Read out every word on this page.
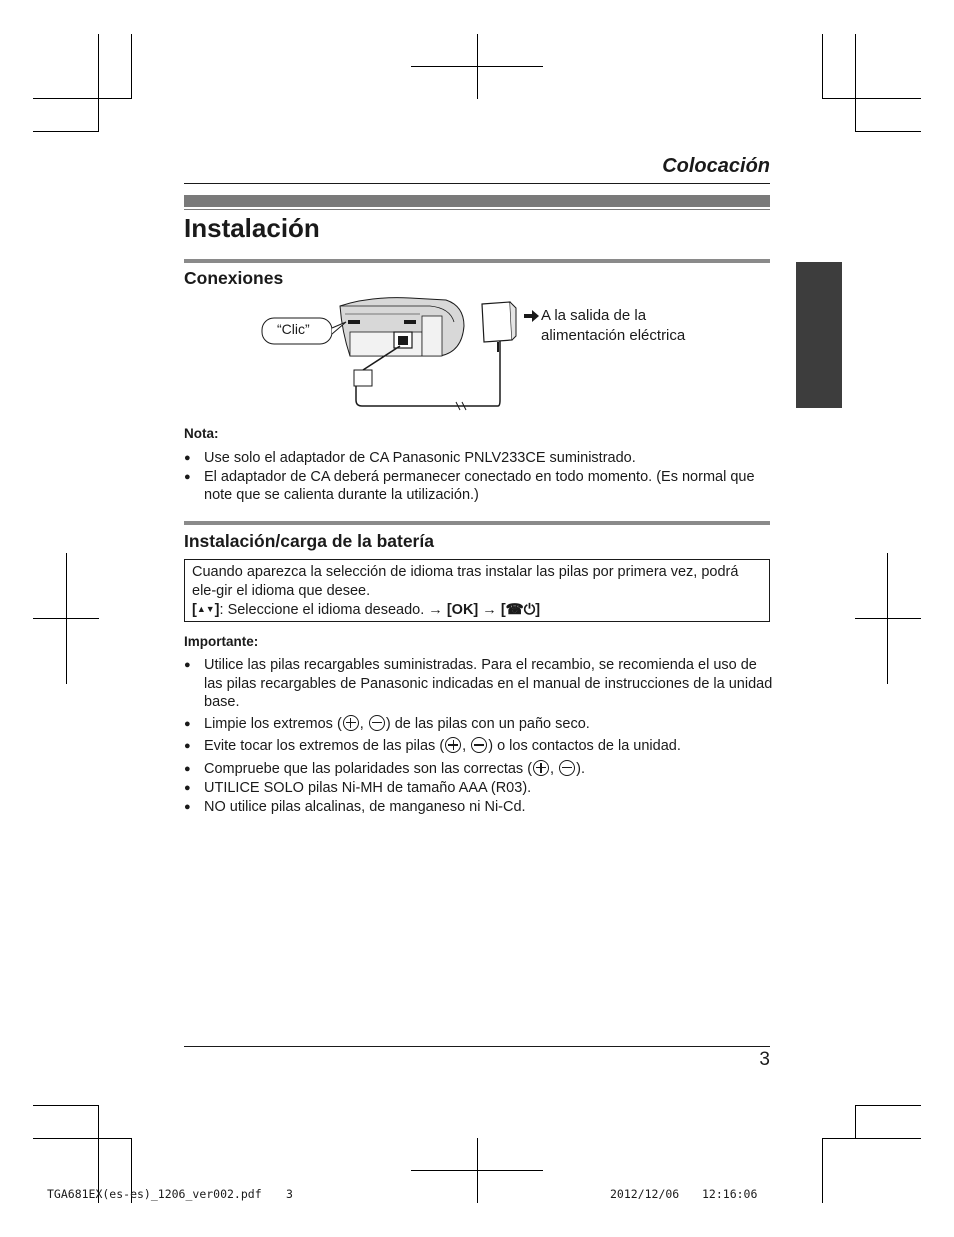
Colocación
Instalación
Conexiones
“Clic”
A la salida de la
alimentación eléctrica
Nota:
● Use solo el adaptador de CA Panasonic PNLV233CE suministrado.
● El adaptador de CA deberá permanecer conectado en todo momento. (Es normal que note que se calienta durante la utilización.)
Instalación/carga de la batería
Cuando aparezca la selección de idioma tras instalar las pilas por primera vez, podrá ele-gir el idioma que desee.
[▲▼]: Seleccione el idioma deseado. → [OK] → [☎⏻]
Importante:
● Utilice las pilas recargables suministradas. Para el recambio, se recomienda el uso de las pilas recargables de Panasonic indicadas en el manual de instrucciones de la unidad base.
● Limpie los extremos ( , ) de las pilas con un paño seco.
● Evite tocar los extremos de las pilas ( , ) o los contactos de la unidad.
● Compruebe que las polaridades son las correctas ( , ).
● UTILICE SOLO pilas Ni-MH de tamaño AAA (R03).
● NO utilice pilas alcalinas, de manganeso ni Ni-Cd.
3
TGA681EX(es-es)_1206_ver002.pdf 3	2012/12/06 12:16:06
